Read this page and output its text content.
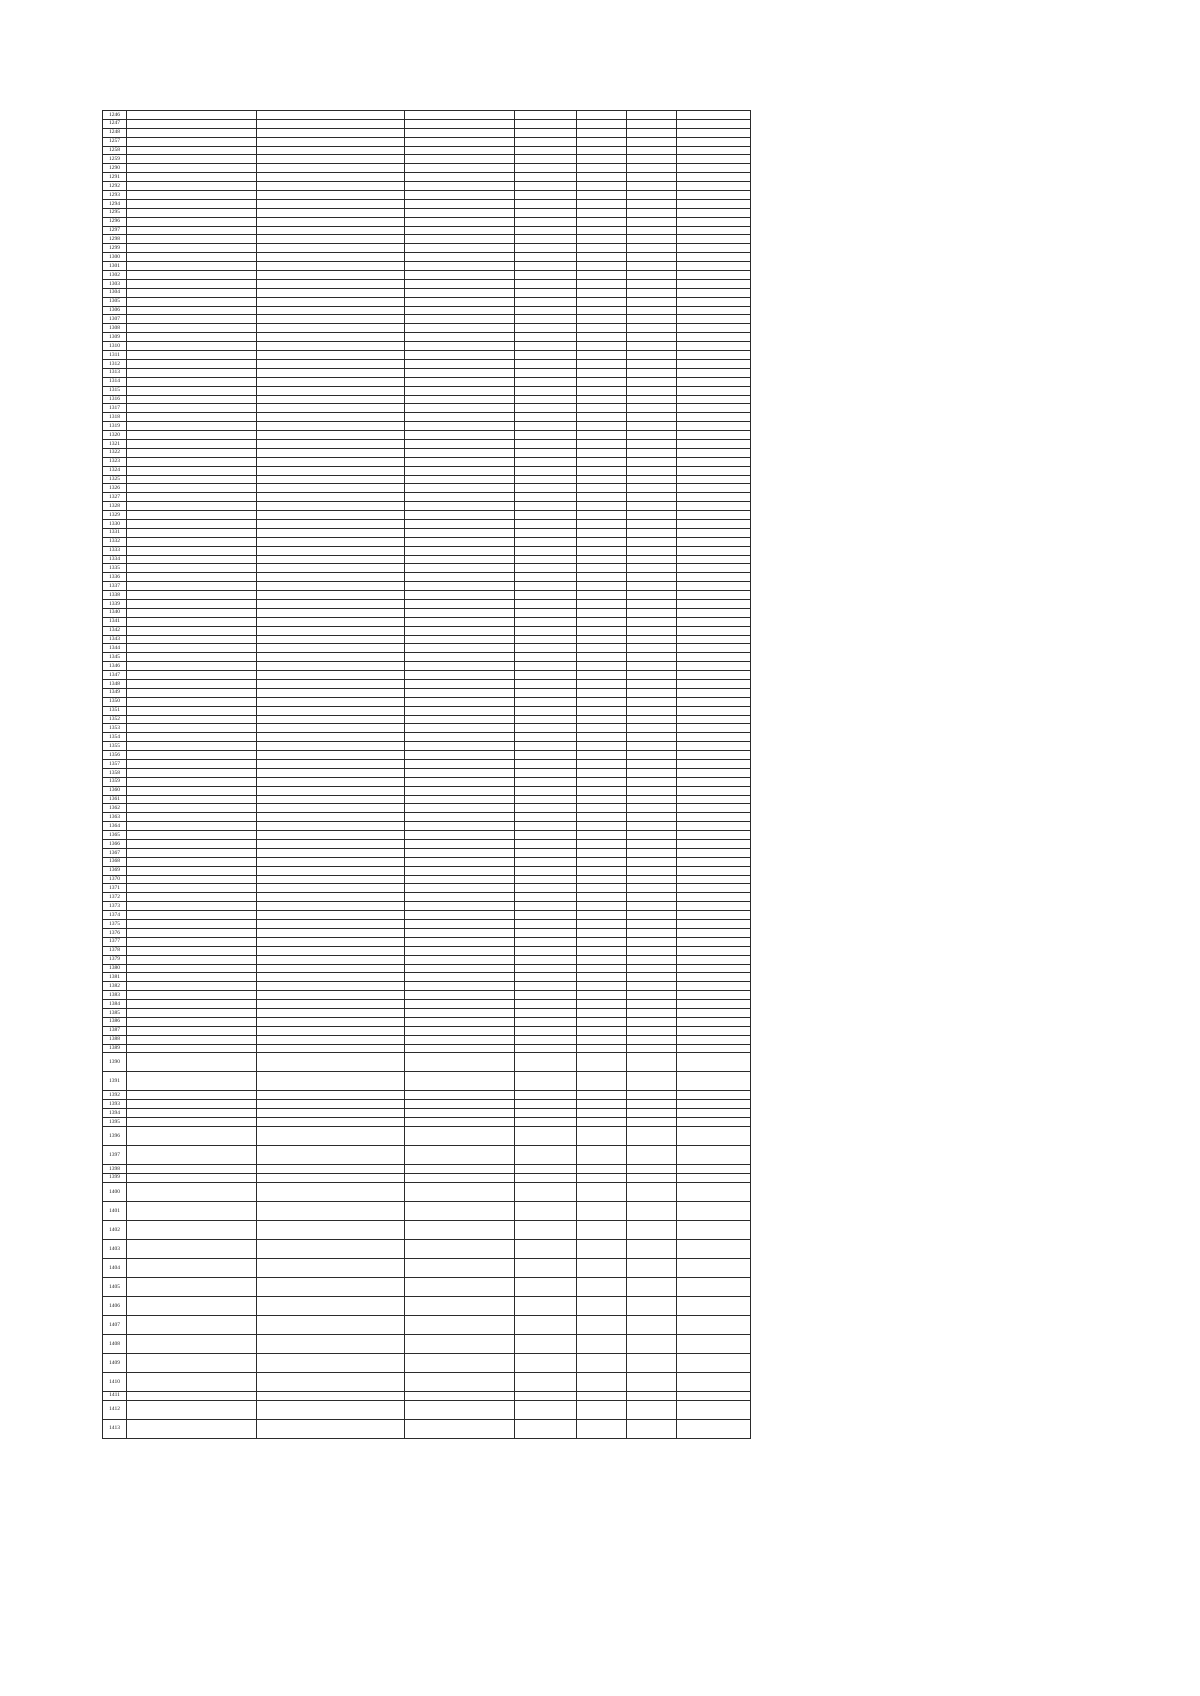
1246							
1247							
1248							
1257							
1258							
1259							
1290							
1291							
1292							
1293							
1294							
1295							
1296							
1297							
1298							
1299							
1300							
1301							
1302							
1303							
1304							
1305							
1306							
1307							
1308							
1309							
1310							
1311							
1312							
1313							
1314							
1315							
1316							
1317							
1318							
1319							
1320							
1321							
1322							
1323							
1324							
1325							
1326							
1327							
1328							
1329							
1330							
1331							
1332							
1333							
1334							
1335							
1336							
1337							
1338							
1339							
1340							
1341							
1342							
1343							
1344							
1345							
1346							
1347							
1348							
1349							
1350							
1351							
1352							
1353							
1354							
1355							
1356							
1357							
1358							
1359							
1360							
1361							
1362							
1363							
1364							
1365							
1366							
1367							
1368							
1369							
1370							
1371							
1372							
1373							
1374							
1375							
1376							
1377							
1378							
1379							
1380							
1381							
1382							
1383							
1384							
1385							
1386							
1387							
1388							
1389							
1390							
1391							
1392							
1393							
1394							
1395							
1396							
1397							
1398							
1399							
1400							
1401							
1402							
1403							
1404							
1405							
1406							
1407							
1408							
1409							
1410							
1411							
1412							
1413							
